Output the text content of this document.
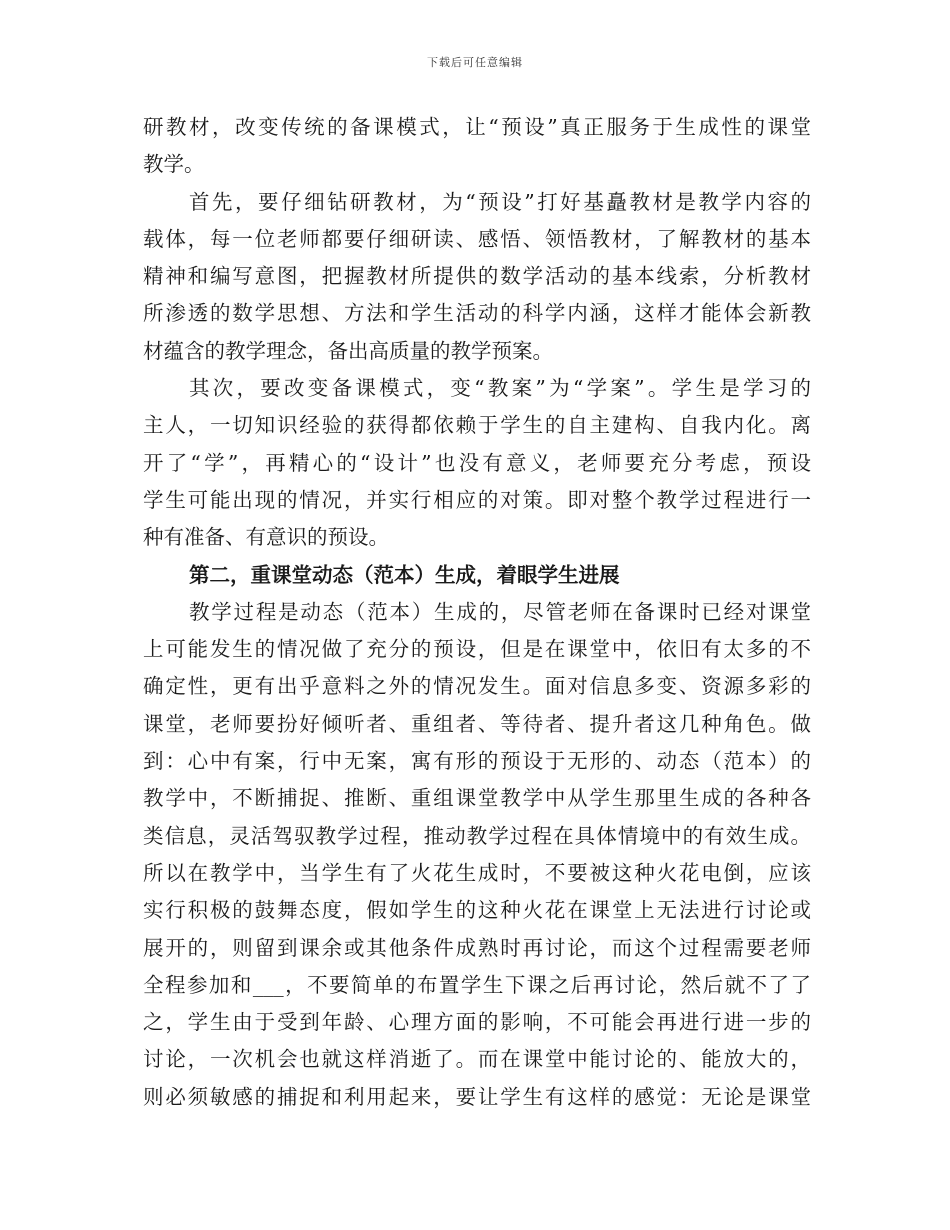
下载后可任意编辑
研教材，改变传统的备课模式，让“预设”真正服务于生成性的课堂
教学。
首先，要仔细钻研教材，为“预设”打好基矗教材是教学内容的
载体，每一位老师都要仔细研读、感悟、领悟教材，了解教材的基本
精神和编写意图，把握教材所提供的数学活动的基本线索，分析教材
所渗透的数学思想、方法和学生活动的科学内涵，这样才能体会新教
材蕴含的教学理念，备出高质量的教学预案。
其次，要改变备课模式，变“教案”为“学案”。学生是学习的
主人，一切知识经验的获得都依赖于学生的自主建构、自我内化。离
开了“学”，再精心的“设计”也没有意义，老师要充分考虑，预设
学生可能出现的情况，并实行相应的对策。即对整个教学过程进行一
种有准备、有意识的预设。
第二，重课堂动态（范本）生成，着眼学生进展
教学过程是动态（范本）生成的，尽管老师在备课时已经对课堂
上可能发生的情况做了充分的预设，但是在课堂中，依旧有太多的不
确定性，更有出乎意料之外的情况发生。面对信息多变、资源多彩的
课堂，老师要扮好倾听者、重组者、等待者、提升者这几种角色。做
到：心中有案，行中无案，寓有形的预设于无形的、动态（范本）的
教学中，不断捕捉、推断、重组课堂教学中从学生那里生成的各种各
类信息，灵活驾驭教学过程，推动教学过程在具体情境中的有效生成。
所以在教学中，当学生有了火花生成时，不要被这种火花电倒，应该
实行积极的鼓舞态度，假如学生的这种火花在课堂上无法进行讨论或
展开的，则留到课余或其他条件成熟时再讨论，而这个过程需要老师
全程参加和___，不要简单的布置学生下课之后再讨论，然后就不了了
之，学生由于受到年龄、心理方面的影响，不可能会再进行进一步的
讨论，一次机会也就这样消逝了。而在课堂中能讨论的、能放大的，
则必须敏感的捕捉和利用起来，要让学生有这样的感觉：无论是课堂
